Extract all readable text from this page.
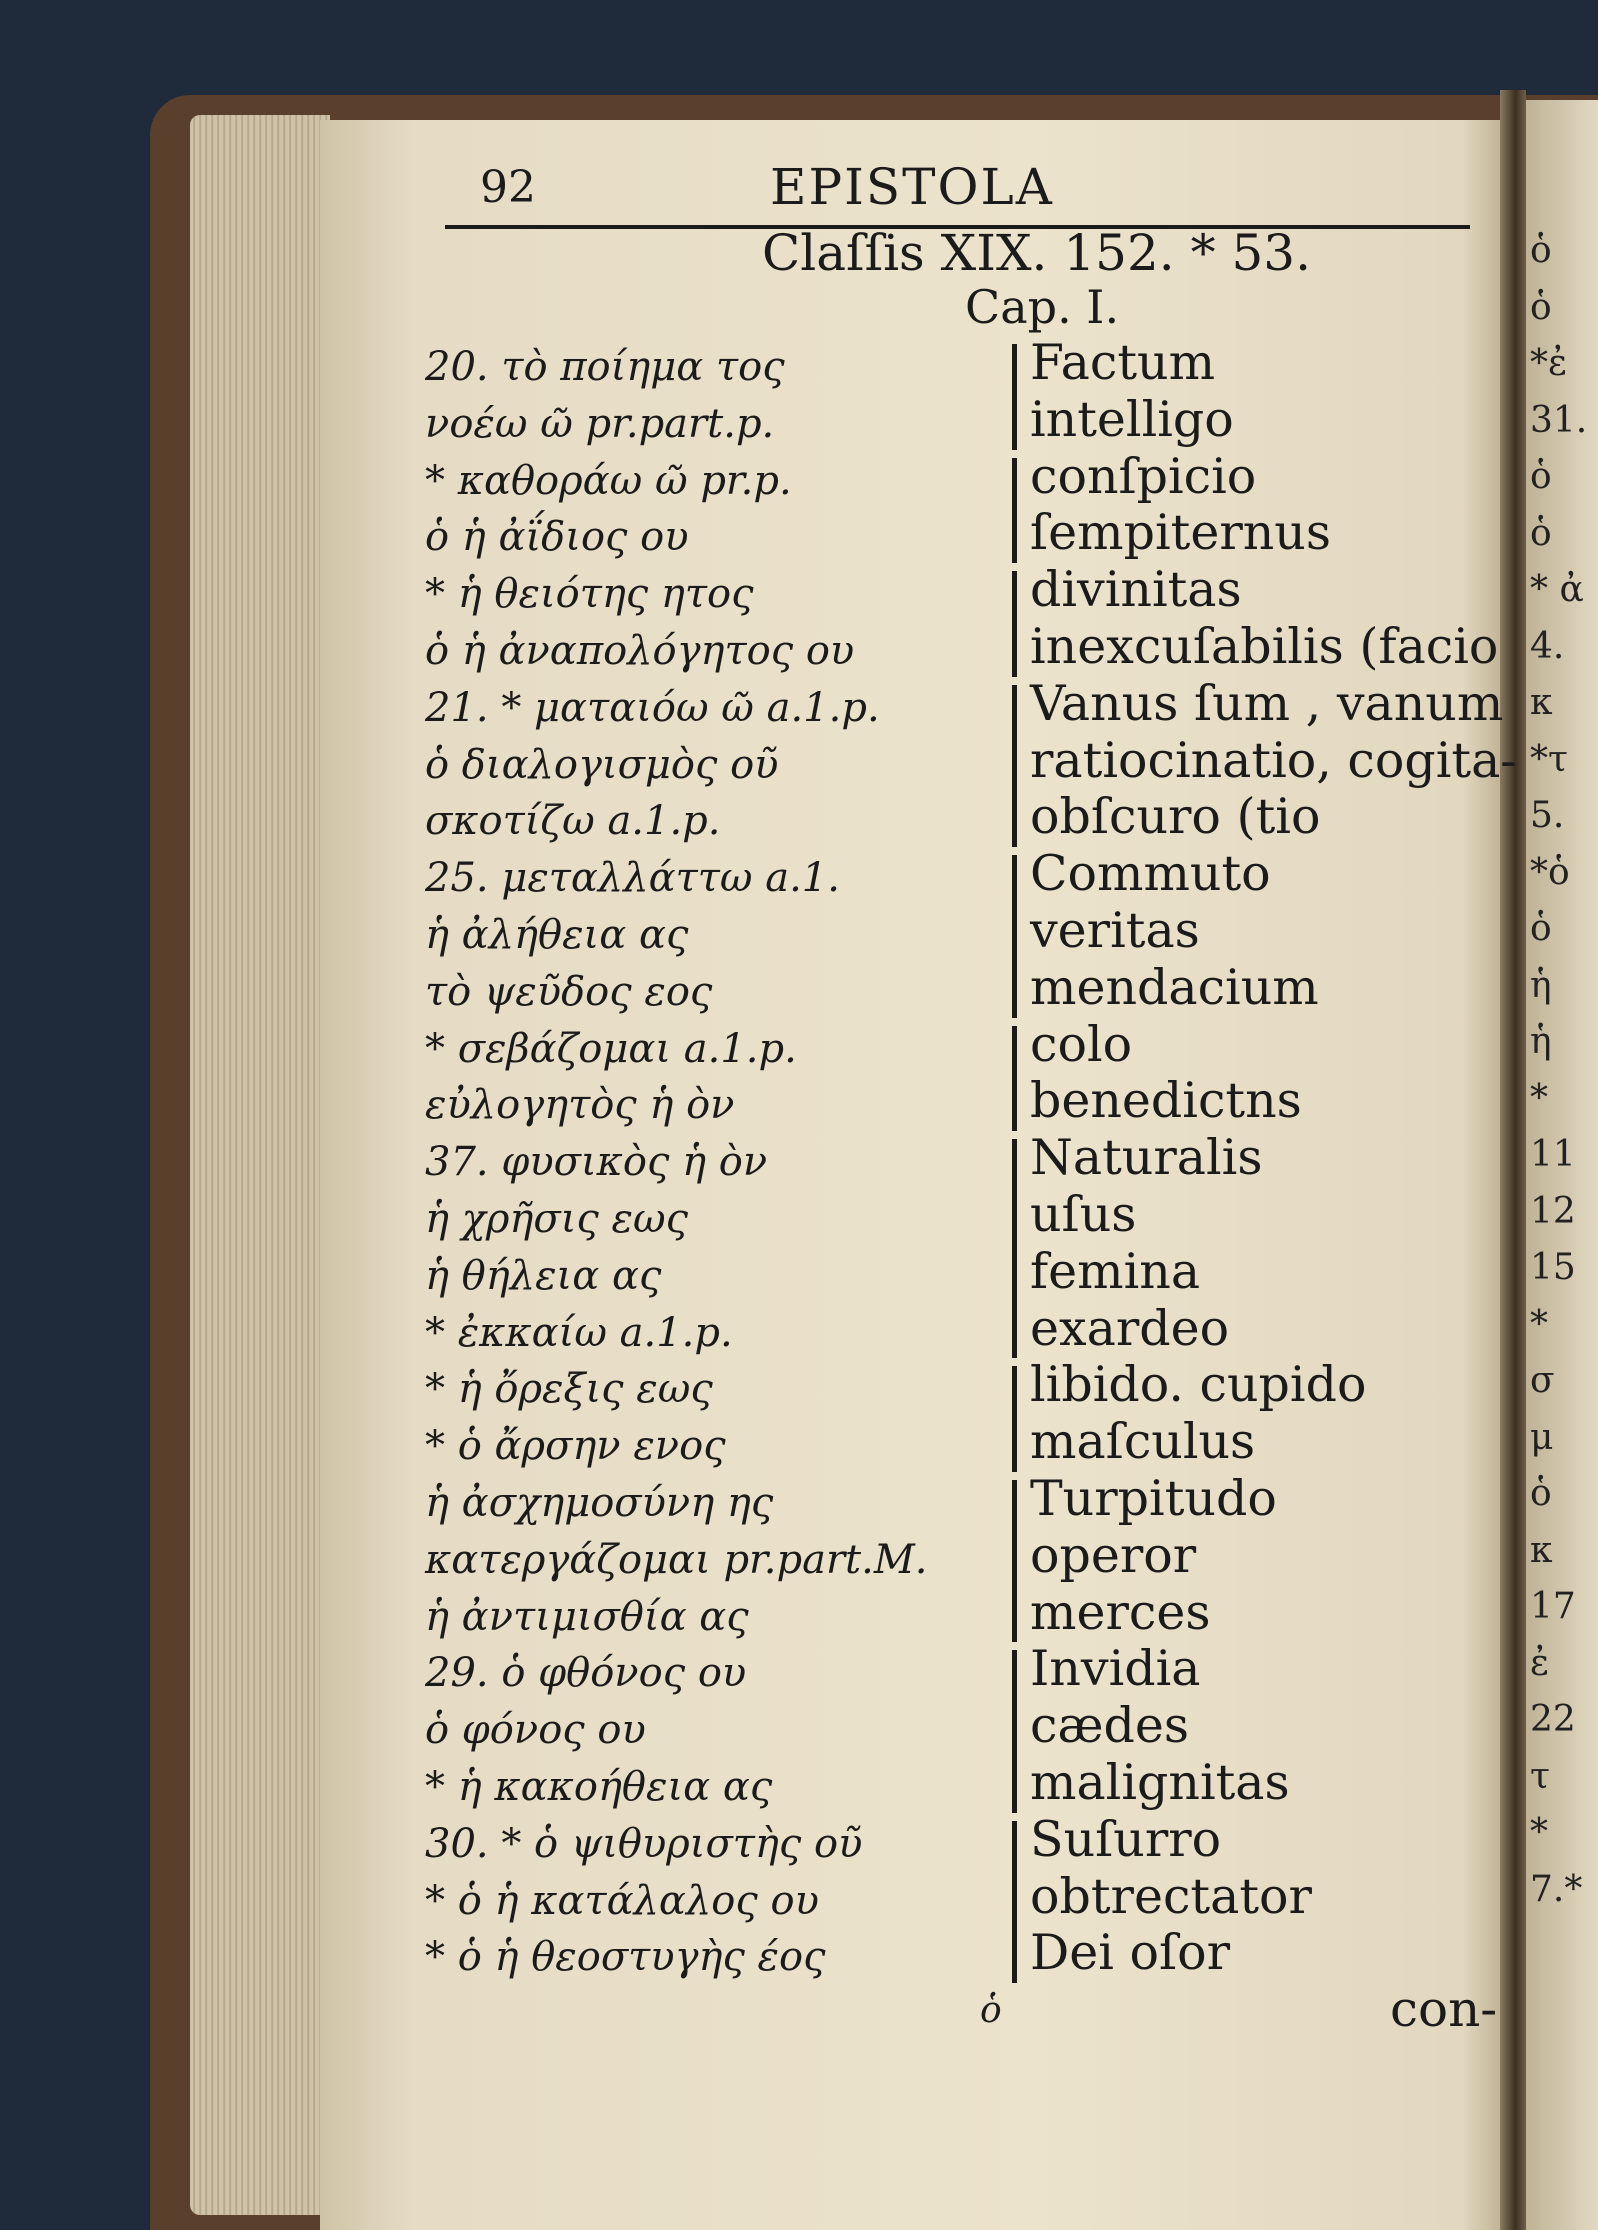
ὁ
ὁ
*ἐ
31.
ὁ
ὁ
* ἀ
4.
κ
*τ
5.
*ὁ
ὁ
ἡ
ἡ
*
11
12
15
*
σ
μ
ὁ
κ
17
ἐ
22
τ
*
7.*
92	EPISTOLA
Claſſis XIX. 152. * 53.
Cap. I.
20. τὸ ποίημα τος	Factum
νοέω ῶ pr.part.p.	intelligo
* καθοράω ῶ pr.p.	conſpicio
ὁ ἡ ἀΐδιος ου	ſempiternus
* ἡ θειότης ητος	divinitas
ὁ ἡ ἀναπολόγητος ου	inexcuſabilis (facio
21. * ματαιόω ῶ a.1.p.	Vanus ſum , vanum
ὁ διαλογισμὸς οῦ	ratiocinatio, cogita-
σκοτίζω a.1.p.	obſcuro (tio
25. μεταλλάττω a.1.	Commuto
ἡ ἀλήθεια ας	veritas
τὸ ψεῦδος εος	mendacium
* σεβάζομαι a.1.p.	colo
εὐλογητὸς ἡ ὸν	benedictns
37. φυσικὸς ἡ ὸν	Naturalis
ἡ χρῆσις εως	uſus
ἡ θήλεια ας	femina
* ἐκκαίω a.1.p.	exardeo
* ἡ ὄρεξις εως	libido. cupido
* ὁ ἄρσην ενος	maſculus
ἡ ἀσχημοσύνη ης	Turpitudo
κατεργάζομαι pr.part.M. operor
ἡ ἀντιμισθία ας	merces
29. ὁ φθόνος ου	Invidia
ὁ φόνος ου	cædes
* ἡ κακοήθεια ας	malignitas
30. * ὁ ψιθυριστὴς οῦ	Suſurro
* ὁ ἡ κατάλαλος ου	obtrectator
* ὁ ἡ θεοστυγὴς έος	Dei oſor
ὁ	con-
